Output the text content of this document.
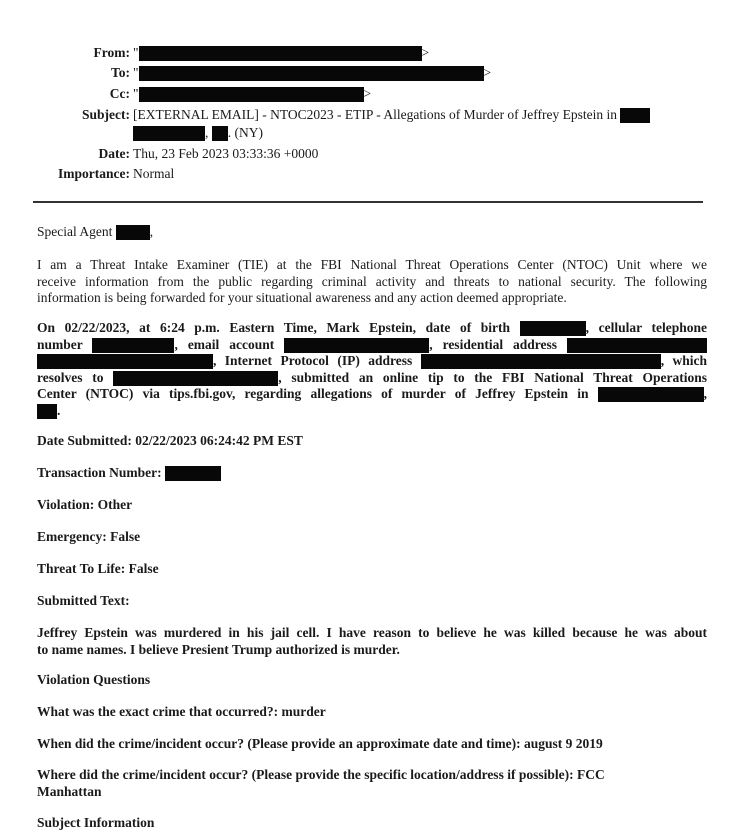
From: "	>
To: "	>
Cc: "	>
Subject: [EXTERNAL EMAIL] - NTOC2023 - ETIP - Allegations of Murder of Jeffrey Epstein in
, . (NY)
Date: Thu, 23 Feb 2023 03:33:36 +0000
Importance: Normal
Special Agent	,
I am a Threat Intake Examiner (TIE) at the FBI National Threat Operations Center (NTOC) Unit where we
receive information from the public regarding criminal activity and threats to national security. The following
information is being forwarded for your situational awareness and any action deemed appropriate.
On 02/22/2023, at 6:24 p.m. Eastern Time, Mark Epstein, date of birth	, cellular telephone
number	, email account	, residential address
, Internet Protocol (IP) address	, which
resolves to	, submitted an online tip to the FBI National Threat Operations
Center (NTOC) via tips.fbi.gov, regarding allegations of murder of Jeffrey Epstein in	,
.
Date Submitted: 02/22/2023 06:24:42 PM EST
Transaction Number:
Violation: Other
Emergency: False
Threat To Life: False
Submitted Text:
Jeffrey Epstein was murdered in his jail cell. I have reason to believe he was killed because he was about
to name names. I believe Presient Trump authorized is murder.
Violation Questions
What was the exact crime that occurred?: murder
When did the crime/incident occur? (Please provide an approximate date and time): august 9 2019
Where did the crime/incident occur? (Please provide the specific location/address if possible): FCC
Manhattan
Subject Information
